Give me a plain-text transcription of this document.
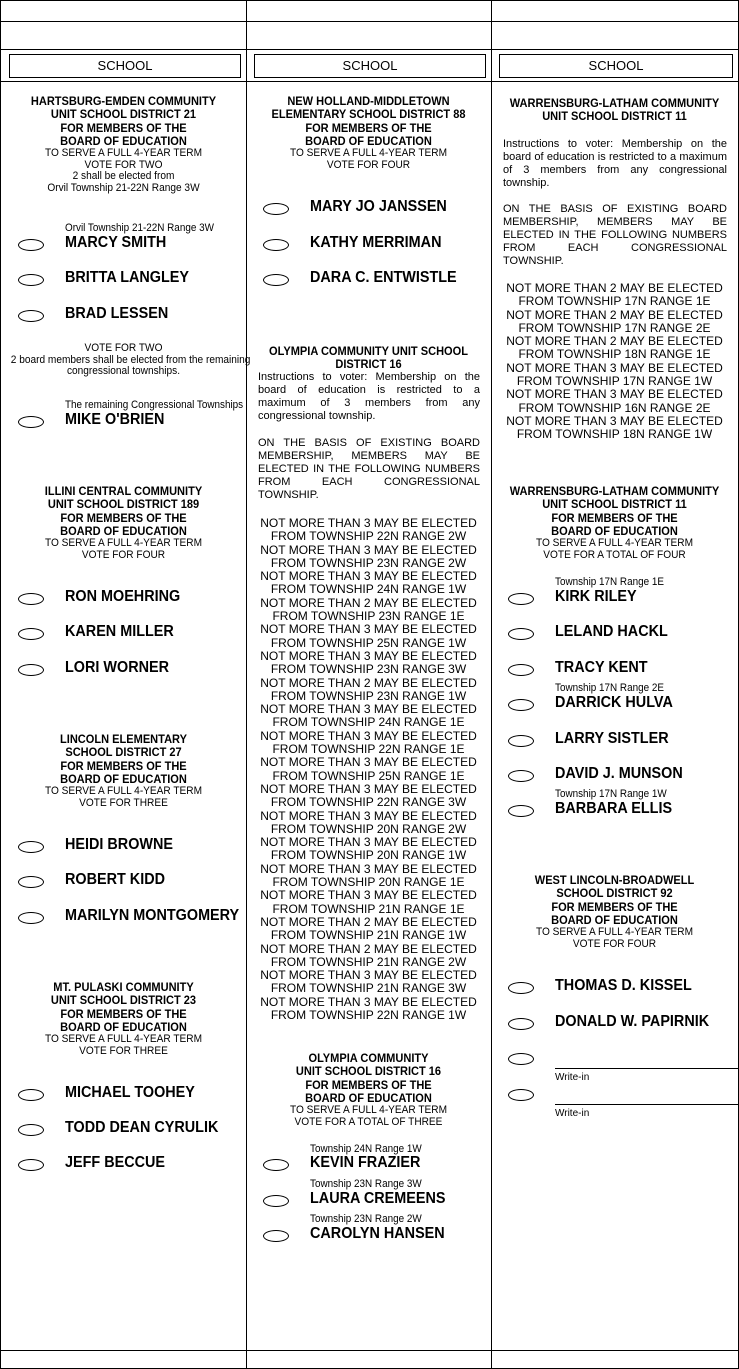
SCHOOL	SCHOOL	SCHOOL
HARTSBURG-EMDEN COMMUNITY
UNIT SCHOOL DISTRICT 21
FOR MEMBERS OF THE
BOARD OF EDUCATION
TO SERVE A FULL 4-YEAR TERM
VOTE FOR TWO
2 shall be elected from
Orvil Township 21-22N Range 3W
Orvil Township 21-22N Range 3W
MARCY SMITH
BRITTA LANGLEY
BRAD LESSEN
VOTE FOR TWO
2 board members shall be elected from the remaining
congressional townships.
The remaining Congressional Townships
MIKE O'BRIEN
ILLINI CENTRAL COMMUNITY
UNIT SCHOOL DISTRICT 189
FOR MEMBERS OF THE
BOARD OF EDUCATION
TO SERVE A FULL 4-YEAR TERM
VOTE FOR FOUR
RON MOEHRING
KAREN MILLER
LORI WORNER
LINCOLN ELEMENTARY
SCHOOL DISTRICT 27
FOR MEMBERS OF THE
BOARD OF EDUCATION
TO SERVE A FULL 4-YEAR TERM
VOTE FOR THREE
HEIDI BROWNE
ROBERT KIDD
MARILYN MONTGOMERY
MT. PULASKI COMMUNITY
UNIT SCHOOL DISTRICT 23
FOR MEMBERS OF THE
BOARD OF EDUCATION
TO SERVE A FULL 4-YEAR TERM
VOTE FOR THREE
MICHAEL TOOHEY
TODD DEAN CYRULIK
JEFF BECCUE
NEW HOLLAND-MIDDLETOWN
ELEMENTARY SCHOOL DISTRICT 88
FOR MEMBERS OF THE
BOARD OF EDUCATION
TO SERVE A FULL 4-YEAR TERM
VOTE FOR FOUR
MARY JO JANSSEN
KATHY MERRIMAN
DARA C. ENTWISTLE
OLYMPIA COMMUNITY UNIT SCHOOL
DISTRICT 16
Instructions to voter: Membership on the board of education is restricted to a maximum of 3 members from any congressional township.
ON THE BASIS OF EXISTING BOARD MEMBERSHIP, MEMBERS MAY BE ELECTED IN THE FOLLOWING NUMBERS FROM EACH CONGRESSIONAL TOWNSHIP.
NOT MORE THAN 3 MAY BE ELECTED
FROM TOWNSHIP 22N RANGE 2W
NOT MORE THAN 3 MAY BE ELECTED
FROM TOWNSHIP 23N RANGE 2W
NOT MORE THAN 3 MAY BE ELECTED
FROM TOWNSHIP 24N RANGE 1W
NOT MORE THAN 2 MAY BE ELECTED
FROM TOWNSHIP 23N RANGE 1E
NOT MORE THAN 3 MAY BE ELECTED
FROM TOWNSHIP 25N RANGE 1W
NOT MORE THAN 3 MAY BE ELECTED
FROM TOWNSHIP 23N RANGE 3W
NOT MORE THAN 2 MAY BE ELECTED
FROM TOWNSHIP 23N RANGE 1W
NOT MORE THAN 3 MAY BE ELECTED
FROM TOWNSHIP 24N RANGE 1E
NOT MORE THAN 3 MAY BE ELECTED
FROM TOWNSHIP 22N RANGE 1E
NOT MORE THAN 3 MAY BE ELECTED
FROM TOWNSHIP 25N RANGE 1E
NOT MORE THAN 3 MAY BE ELECTED
FROM TOWNSHIP 22N RANGE 3W
NOT MORE THAN 3 MAY BE ELECTED
FROM TOWNSHIP 20N RANGE 2W
NOT MORE THAN 3 MAY BE ELECTED
FROM TOWNSHIP 20N RANGE 1W
NOT MORE THAN 3 MAY BE ELECTED
FROM TOWNSHIP 20N RANGE 1E
NOT MORE THAN 3 MAY BE ELECTED
FROM TOWNSHIP 21N RANGE 1E
NOT MORE THAN 2 MAY BE ELECTED
FROM TOWNSHIP 21N RANGE 1W
NOT MORE THAN 2 MAY BE ELECTED
FROM TOWNSHIP 21N RANGE 2W
NOT MORE THAN 3 MAY BE ELECTED
FROM TOWNSHIP 21N RANGE 3W
NOT MORE THAN 3 MAY BE ELECTED
FROM TOWNSHIP 22N RANGE 1W
OLYMPIA COMMUNITY
UNIT SCHOOL DISTRICT 16
FOR MEMBERS OF THE
BOARD OF EDUCATION
TO SERVE A FULL 4-YEAR TERM
VOTE FOR A TOTAL OF THREE
Township 24N Range 1W
KEVIN FRAZIER
Township 23N Range 3W
LAURA CREMEENS
Township 23N Range 2W
CAROLYN HANSEN
WARRENSBURG-LATHAM COMMUNITY
UNIT SCHOOL DISTRICT 11
Instructions to voter: Membership on the board of education is restricted to a maximum of 3 members from any congressional township.
ON THE BASIS OF EXISTING BOARD MEMBERSHIP, MEMBERS MAY BE ELECTED IN THE FOLLOWING NUMBERS FROM EACH CONGRESSIONAL TOWNSHIP.
NOT MORE THAN 2 MAY BE ELECTED
FROM TOWNSHIP 17N RANGE 1E
NOT MORE THAN 2 MAY BE ELECTED
FROM TOWNSHIP 17N RANGE 2E
NOT MORE THAN 2 MAY BE ELECTED
FROM TOWNSHIP 18N RANGE 1E
NOT MORE THAN 3 MAY BE ELECTED
FROM TOWNSHIP 17N RANGE 1W
NOT MORE THAN 3 MAY BE ELECTED
FROM TOWNSHIP 16N RANGE 2E
NOT MORE THAN 3 MAY BE ELECTED
FROM TOWNSHIP 18N RANGE 1W
WARRENSBURG-LATHAM COMMUNITY
UNIT SCHOOL DISTRICT 11
FOR MEMBERS OF THE
BOARD OF EDUCATION
TO SERVE A FULL 4-YEAR TERM
VOTE FOR A TOTAL OF FOUR
Township 17N Range 1E
KIRK RILEY
LELAND HACKL
TRACY KENT
Township 17N Range 2E
DARRICK HULVA
LARRY SISTLER
DAVID J. MUNSON
Township 17N Range 1W
BARBARA ELLIS
WEST LINCOLN-BROADWELL
SCHOOL DISTRICT 92
FOR MEMBERS OF THE
BOARD OF EDUCATION
TO SERVE A FULL 4-YEAR TERM
VOTE FOR FOUR
THOMAS D. KISSEL
DONALD W. PAPIRNIK
Write-in
Write-in
